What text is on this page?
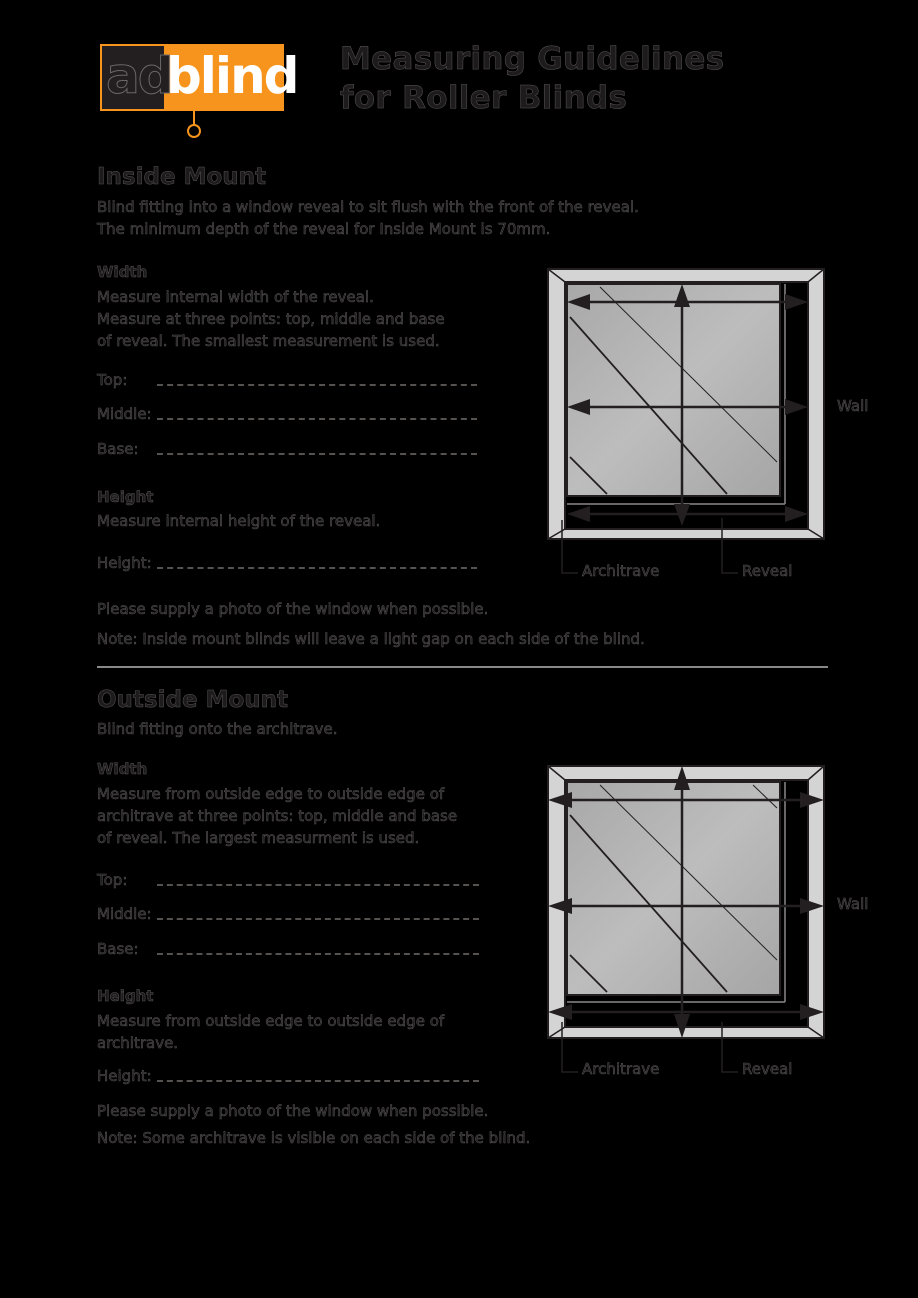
ad
blind Measuring Guidelines
for Roller Blinds
Inside Mount
Blind fitting into a window reveal to sit flush with the front of the reveal.
The minimum depth of the reveal for Inside Mount is 70mm.
Width
Measure internal width of the reveal.
Measure at three points: top, middle and base
of reveal. The smallest measurement is used.
Top:
Middle:
Base:
Height
Measure internal height of the reveal.
Height:
Please supply a photo of the window when possible.
Note: Inside mount blinds will leave a light gap on each side of the blind.
Wall
Architrave	Reveal
Outside Mount
Blind fitting onto the architrave.
Width
Measure from outside edge to outside edge of
architrave at three points: top, middle and base
of reveal. The largest measurment is used.
Top:
Middle:
Base:
Height
Measure from outside edge to outside edge of
architrave.
Height:
Please supply a photo of the window when possible.
Note: Some architrave is visible on each side of the blind.
Wall
Architrave	Reveal
